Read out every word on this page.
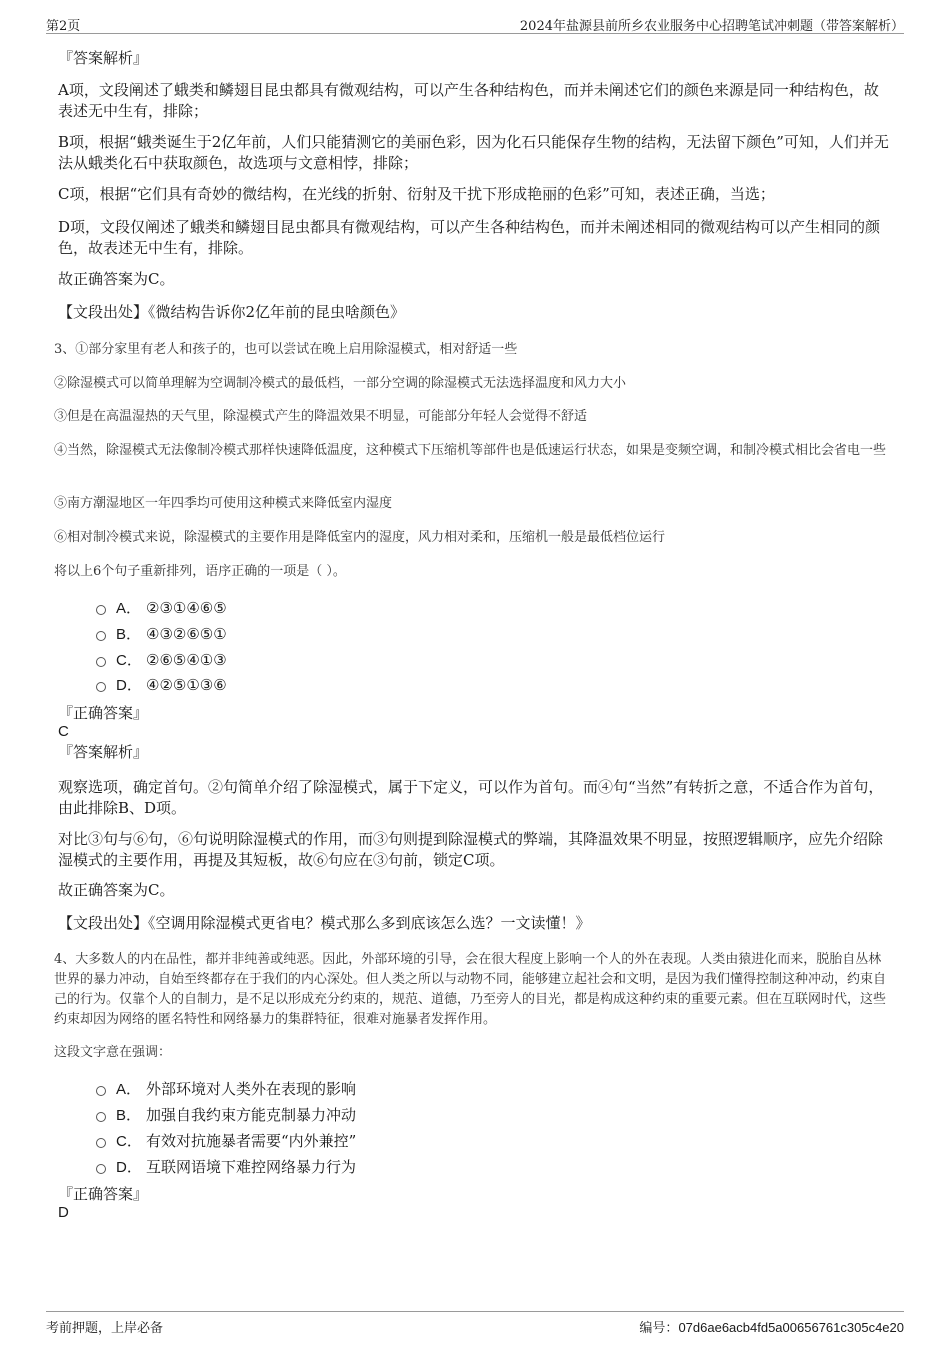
第2页	2024年盐源县前所乡农业服务中心招聘笔试冲刺题（带答案解析）

『答案解析』

A项，文段阐述了蛾类和鳞翅目昆虫都具有微观结构，可以产生各种结构色，而并未阐述它们的颜色来源是同一种结构色，故表述无中生有，排除；

B项，根据“蛾类诞生于2亿年前，人们只能猜测它的美丽色彩，因为化石只能保存生物的结构，无法留下颜色”可知，人们并无法从蛾类化石中获取颜色，故选项与文意相悖，排除；

C项，根据“它们具有奇妙的微结构，在光线的折射、衍射及干扰下形成艳丽的色彩”可知，表述正确，当选；

D项，文段仅阐述了蛾类和鳞翅目昆虫都具有微观结构，可以产生各种结构色，而并未阐述相同的微观结构可以产生相同的颜色，故表述无中生有，排除。

故正确答案为C。

【文段出处】《微结构告诉你2亿年前的昆虫啥颜色》

3、①部分家里有老人和孩子的，也可以尝试在晚上启用除湿模式，相对舒适一些

②除湿模式可以简单理解为空调制冷模式的最低档，一部分空调的除湿模式无法选择温度和风力大小

③但是在高温湿热的天气里，除湿模式产生的降温效果不明显，可能部分年轻人会觉得不舒适

④当然，除湿模式无法像制冷模式那样快速降低温度，这种模式下压缩机等部件也是低速运行状态，如果是变频空调，和制冷模式相比会省电一些

⑤南方潮湿地区一年四季均可使用这种模式来降低室内湿度

⑥相对制冷模式来说，除湿模式的主要作用是降低室内的湿度，风力相对柔和，压缩机一般是最低档位运行

将以上6个句子重新排列，语序正确的一项是（ ）。

A． ②③①④⑥⑤
B． ④③②⑥⑤①
C． ②⑥⑤④①③
D． ④②⑤①③⑥
『正确答案』
C
『答案解析』

观察选项，确定首句。②句简单介绍了除湿模式，属于下定义，可以作为首句。而④句“当然”有转折之意，不适合作为首句，由此排除B、D项。

对比③句与⑥句，⑥句说明除湿模式的作用，而③句则提到除湿模式的弊端，其降温效果不明显，按照逻辑顺序，应先介绍除湿模式的主要作用，再提及其短板，故⑥句应在③句前，锁定C项。

故正确答案为C。

【文段出处】《空调用除湿模式更省电？模式那么多到底该怎么选？一文读懂！》

4、大多数人的内在品性，都并非纯善或纯恶。因此，外部环境的引导，会在很大程度上影响一个人的外在表现。人类由猿进化而来，脱胎自丛林世界的暴力冲动，自始至终都存在于我们的内心深处。但人类之所以与动物不同，能够建立起社会和文明，是因为我们懂得控制这种冲动，约束自己的行为。仅靠个人的自制力，是不足以形成充分约束的，规范、道德，乃至旁人的目光，都是构成这种约束的重要元素。但在互联网时代，这些约束却因为网络的匿名特性和网络暴力的集群特征，很难对施暴者发挥作用。

这段文字意在强调：

A． 外部环境对人类外在表现的影响
B． 加强自我约束方能克制暴力冲动
C． 有效对抗施暴者需要“内外兼控”
D． 互联网语境下难控网络暴力行为
『正确答案』
D
考前押题，上岸必备	编号：07d6ae6acb4fd5a00656761c305c4e20
